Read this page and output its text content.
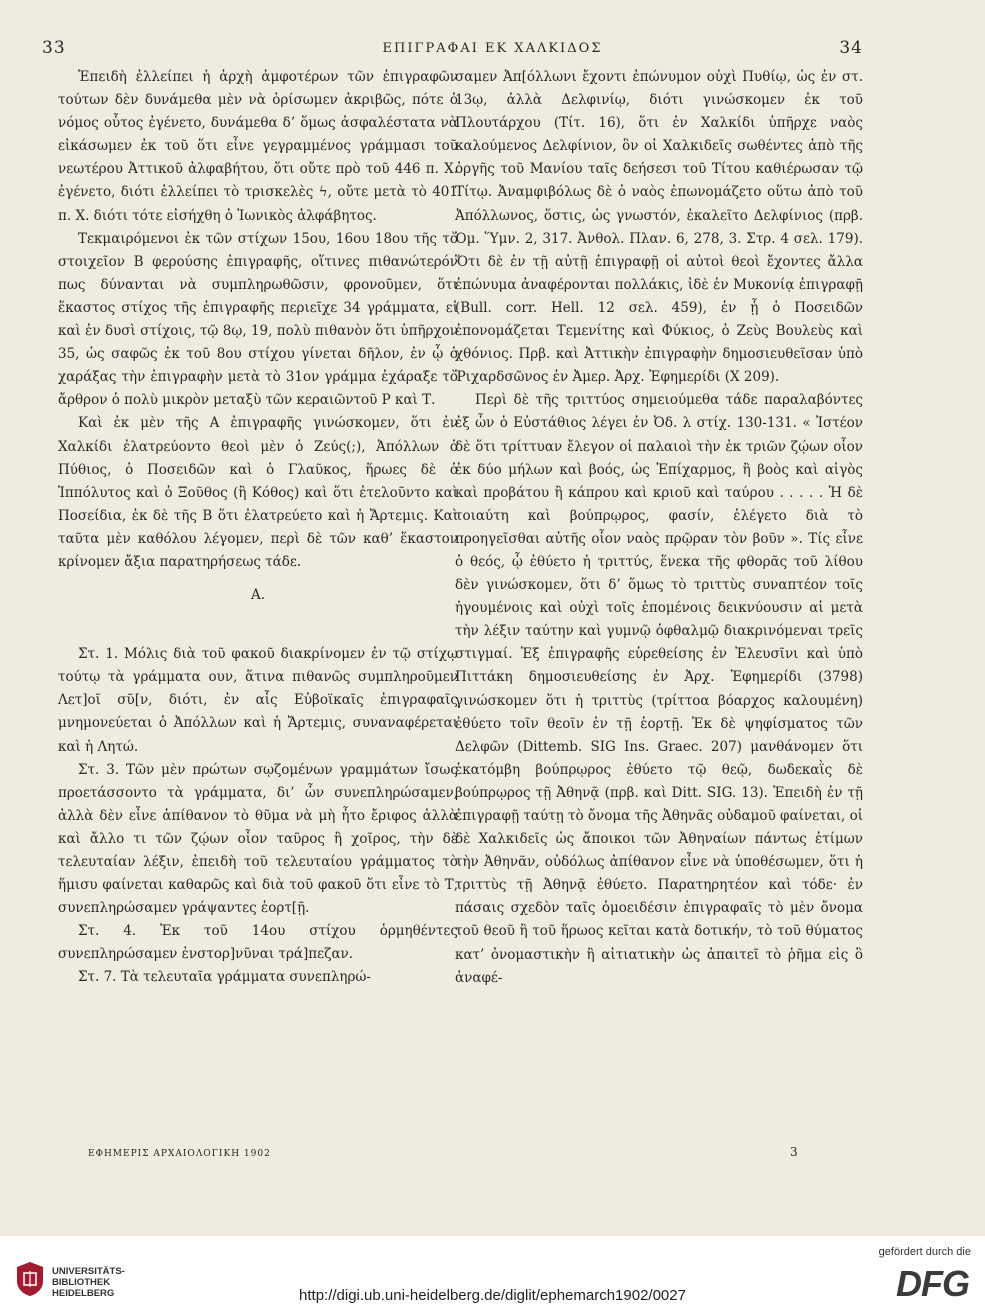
33	ΕΠΙΓΡΑΦΑΙ ΕΚ ΧΑΛΚΙΔΟΣ	34

Ἐπειδὴ ἐλλείπει ἡ ἀρχὴ ἀμφοτέρων τῶν ἐπιγραφῶν τούτων δὲν δυνάμεθα μὲν νὰ ὁρίσωμεν ἀκριβῶς, πότε ὁ νόμος οὗτος ἐγένετο, δυνάμεθα δ’ ὅμως ἀσφαλέστατα νὰ εἰκάσωμεν ἐκ τοῦ ὅτι εἶνε γεγραμμένος γράμμασι τοῦ νεωτέρου Ἀττικοῦ ἀλφαβήτου, ὅτι οὔτε πρὸ τοῦ 446 π. Χ. ἐγένετο, διότι ἐλλείπει τὸ τρισκελὲς ϟ, οὔτε μετὰ τὸ 401 π. Χ. διότι τότε εἰσήχθη ὁ Ἰωνικὸς ἀλφάβητος.

Τεκμαιρόμενοι ἐκ τῶν στίχων 15ου, 16ου 18ου τῆς τὸ στοιχεῖον Β φερούσης ἐπιγραφῆς, οἵτινες πιθανώτερόν πως δύνανται νὰ συμπληρωθῶσιν, φρονοῦμεν, ὅτι ἕκαστος στίχος τῆς ἐπιγραφῆς περιεῖχε 34 γράμματα, εἰ καὶ ἐν δυσὶ στίχοις, τῷ 8ῳ, 19, πολὺ πιθανὸν ὅτι ὑπῆρχον 35, ὡς σαφῶς ἐκ τοῦ 8ου στίχου γίνεται δῆλον, ἐν ᾧ ὁ χαράξας τὴν ἐπιγραφὴν μετὰ τὸ 31ον γράμμα ἐχάραξε τὸ ἄρθρον ὁ πολὺ μικρὸν μεταξὺ τῶν κεραιῶντοῦ Ρ καὶ Τ.

Καὶ ἐκ μὲν τῆς Α ἐπιγραφῆς γινώσκομεν, ὅτι ἐν Χαλκίδι ἐλατρεύοντο θεοὶ μὲν ὁ Ζεύς(;), Ἀπόλλων ὁ Πύθιος, ὁ Ποσειδῶν καὶ ὁ Γλαῦκος, ἥρωες δὲ ὁ Ἱππόλυτος καὶ ὁ Ξοῦθος (ἢ Κόθος) καὶ ὅτι ἐτελοῦντο καὶ Ποσείδια, ἐκ δὲ τῆς Β ὅτι ἐλατρεύετο καὶ ἡ Ἄρτεμις. Καὶ ταῦτα μὲν καθόλου λέγομεν, περὶ δὲ τῶν καθ’ ἕκαστον κρίνομεν ἄξια παρατηρήσεως τάδε.

Α.

Στ. 1. Μόλις διὰ τοῦ φακοῦ διακρίνομεν ἐν τῷ στίχῳ τούτῳ τὰ γράμματα ουν, ἅτινα πιθανῶς συμπληροῦμεν Λετ]οῖ σῦ[ν, διότι, ἐν αἷς Εὐβοϊκαῖς ἐπιγραφαῖς μνημονεύεται ὁ Ἀπόλλων καὶ ἡ Ἄρτεμις, συναναφέρεται καὶ ἡ Λητώ.

Στ. 3. Τῶν μὲν πρώτων σῳζομένων γραμμάτων ἴσως προετάσσοντο τὰ γράμματα, δι’ ὧν συνεπληρώσαμεν, ἀλλὰ δὲν εἶνε ἀπίθανον τὸ θῦμα νὰ μὴ ἦτο ἔριφος ἀλλὰ καὶ ἄλλο τι τῶν ζῴων οἷον ταῦρος ἢ χοῖρος, τὴν δὲ τελευταίαν λέξιν, ἐπειδὴ τοῦ τελευταίου γράμματος τὸ ἥμισυ φαίνεται καθαρῶς καὶ διὰ τοῦ φακοῦ ὅτι εἶνε τὸ Τ, συνεπληρώσαμεν γράψαντες ἑορτ[ῇ.

Στ. 4. Ἐκ τοῦ 14ου στίχου ὁρμηθέντες συνεπληρώσαμεν ἐνστορ]νῦναι τρά]πεζαν.

Στ. 7. Τὰ τελευταῖα γράμματα συνεπληρώ-

σαμεν Ἀπ[όλλωνι ἔχοντι ἐπώνυμον οὐχὶ Πυθίῳ, ὡς ἐν στ. 13ῳ, ἀλλὰ Δελφινίῳ, διότι γινώσκομεν ἐκ τοῦ Πλουτάρχου (Τίτ. 16), ὅτι ἐν Χαλκίδι ὑπῆρχε ναὸς καλούμενος Δελφίνιον, ὃν οἱ Χαλκιδεῖς σωθέντες ἀπὸ τῆς ὀργῆς τοῦ Μανίου ταῖς δεήσεσι τοῦ Τίτου καθιέρωσαν τῷ Τίτῳ. Ἀναμφιβόλως δὲ ὁ ναὸς ἐπωνομάζετο οὕτω ἀπὸ τοῦ Ἀπόλλωνος, ὅστις, ὡς γνωστόν, ἐκαλεῖτο Δελφίνιος (πρβ. Ὁμ. Ὕμν. 2, 317. Ἀνθολ. Πλαν. 6, 278, 3. Στρ. 4 σελ. 179). Ὅτι δὲ ἐν τῇ αὐτῇ ἐπιγραφῇ οἱ αὐτοὶ θεοὶ ἔχοντες ἄλλα ἐπώνυμα ἀναφέρονται πολλάκις, ἰδὲ ἐν Μυκονίᾳ ἐπιγραφῇ (Bull. corr. Hell. 12 σελ. 459), ἐν ᾗ ὁ Ποσειδῶν ἐπονομάζεται Τεμενίτης καὶ Φύκιος, ὁ Ζεὺς Βουλεὺς καὶ χθόνιος. Πρβ. καὶ Ἀττικὴν ἐπιγραφὴν δημοσιευθεῖσαν ὑπὸ Ῥιχαρδσῶνος ἐν Ἀμερ. Ἀρχ. Ἐφημερίδι (Χ 209).

Περὶ δὲ τῆς τριττύος σημειούμεθα τάδε παραλαβόντες ἐξ ὧν ὁ Εὐστάθιος λέγει ἐν Ὀδ. λ στίχ. 130-131. « Ἰστέον δὲ ὅτι τρίττυαν ἔλεγον οἱ παλαιοὶ τὴν ἐκ τριῶν ζῴων οἷον ἐκ δύο μήλων καὶ βοός, ὡς Ἐπίχαρμος, ἢ βοὸς καὶ αἰγὸς καὶ προβάτου ἢ κάπρου καὶ κριοῦ καὶ ταύρου . . . . . Ἡ δὲ τοιαύτη καὶ βούπρῳρος, φασίν, ἐλέγετο διὰ τὸ προηγεῖσθαι αὐτῆς οἷον ναὸς πρῷραν τὸν βοῦν ». Τίς εἶνε ὁ θεός, ᾧ ἐθύετο ἡ τριττύς, ἕνεκα τῆς φθορᾶς τοῦ λίθου δὲν γινώσκομεν, ὅτι δ’ ὅμως τὸ τριττὺς συναπτέον τοῖς ἡγουμένοις καὶ οὐχὶ τοῖς ἑπομένοις δεικνύουσιν αἱ μετὰ τὴν λέξιν ταύτην καὶ γυμνῷ ὀφθαλμῷ διακρινόμεναι τρεῖς στιγμαί. Ἐξ ἐπιγραφῆς εὑρεθείσης ἐν Ἐλευσῖνι καὶ ὑπὸ Πιττάκη δημοσιευθείσης ἐν Ἀρχ. Ἐφημερίδι (3798) γινώσκομεν ὅτι ἡ τριττὺς (τρίττοα βόαρχος καλουμένη) ἐθύετο τοῖν θεοῖν ἐν τῇ ἑορτῇ. Ἐκ δὲ ψηφίσματος τῶν Δελφῶν (Dittemb. SIG Ins. Graec. 207) μανθάνομεν ὅτι ἑκατόμβη βούπρῳρος ἐθύετο τῷ θεῷ, δωδεκαῒς δὲ βούπρῳρος τῇ Ἀθηνᾷ (πρβ. καὶ Ditt. SIG. 13). Ἐπειδὴ ἐν τῇ ἐπιγραφῇ ταύτῃ τὸ ὄνομα τῆς Ἀθηνᾶς οὐδαμοῦ φαίνεται, οἱ δὲ Χαλκιδεῖς ὡς ἄποικοι τῶν Ἀθηναίων πάντως ἐτίμων τὴν Ἀθηνᾶν, οὐδόλως ἀπίθανον εἶνε νὰ ὑποθέσωμεν, ὅτι ἡ τριττὺς τῇ Ἀθηνᾷ ἐθύετο. Παρατηρητέον καὶ τόδε· ἐν πάσαις σχεδὸν ταῖς ὁμοειδέσιν ἐπιγραφαῖς τὸ μὲν ὄνομα τοῦ θεοῦ ἢ τοῦ ἥρωος κεῖται κατὰ δοτικήν, τὸ τοῦ θύματος κατ’ ὀνομαστικὴν ἢ αἰτιατικὴν ὡς ἀπαιτεῖ τὸ ῥῆμα εἰς ὃ ἀναφέ-

ΕΦΗΜΕΡΙΣ ΑΡΧΑΙΟΛΟΓΙΚΗ 1902	3
UNIVERSITÄTS-
BIBLIOTHEK
HEIDELBERG	http://digi.ub.uni-heidelberg.de/diglit/ephemarch1902/0027
gefördert durch die
DFG
